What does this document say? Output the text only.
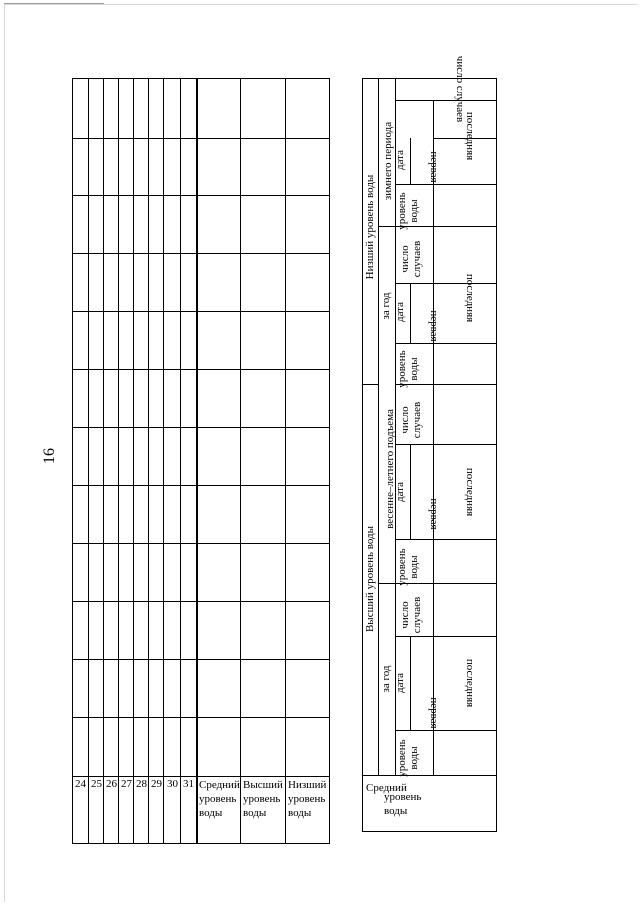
16
24 25 26 27 28 29 30 31 Средний
уровень
воды
Высший
уровень
воды
Низший
уровень
воды
Средний
уровень
воды
Высший уровень воды
Низший уровень воды
за год
весенне–летнего подъема
за год
зимнего периода
уровень воды
уровень воды
уровень воды
уровень воды
дата
дата
дата
дата
число случаев
число случаев
число случаев
первая
последняя
первая последняя
первая
последняя
первая
последняя
число случаев
